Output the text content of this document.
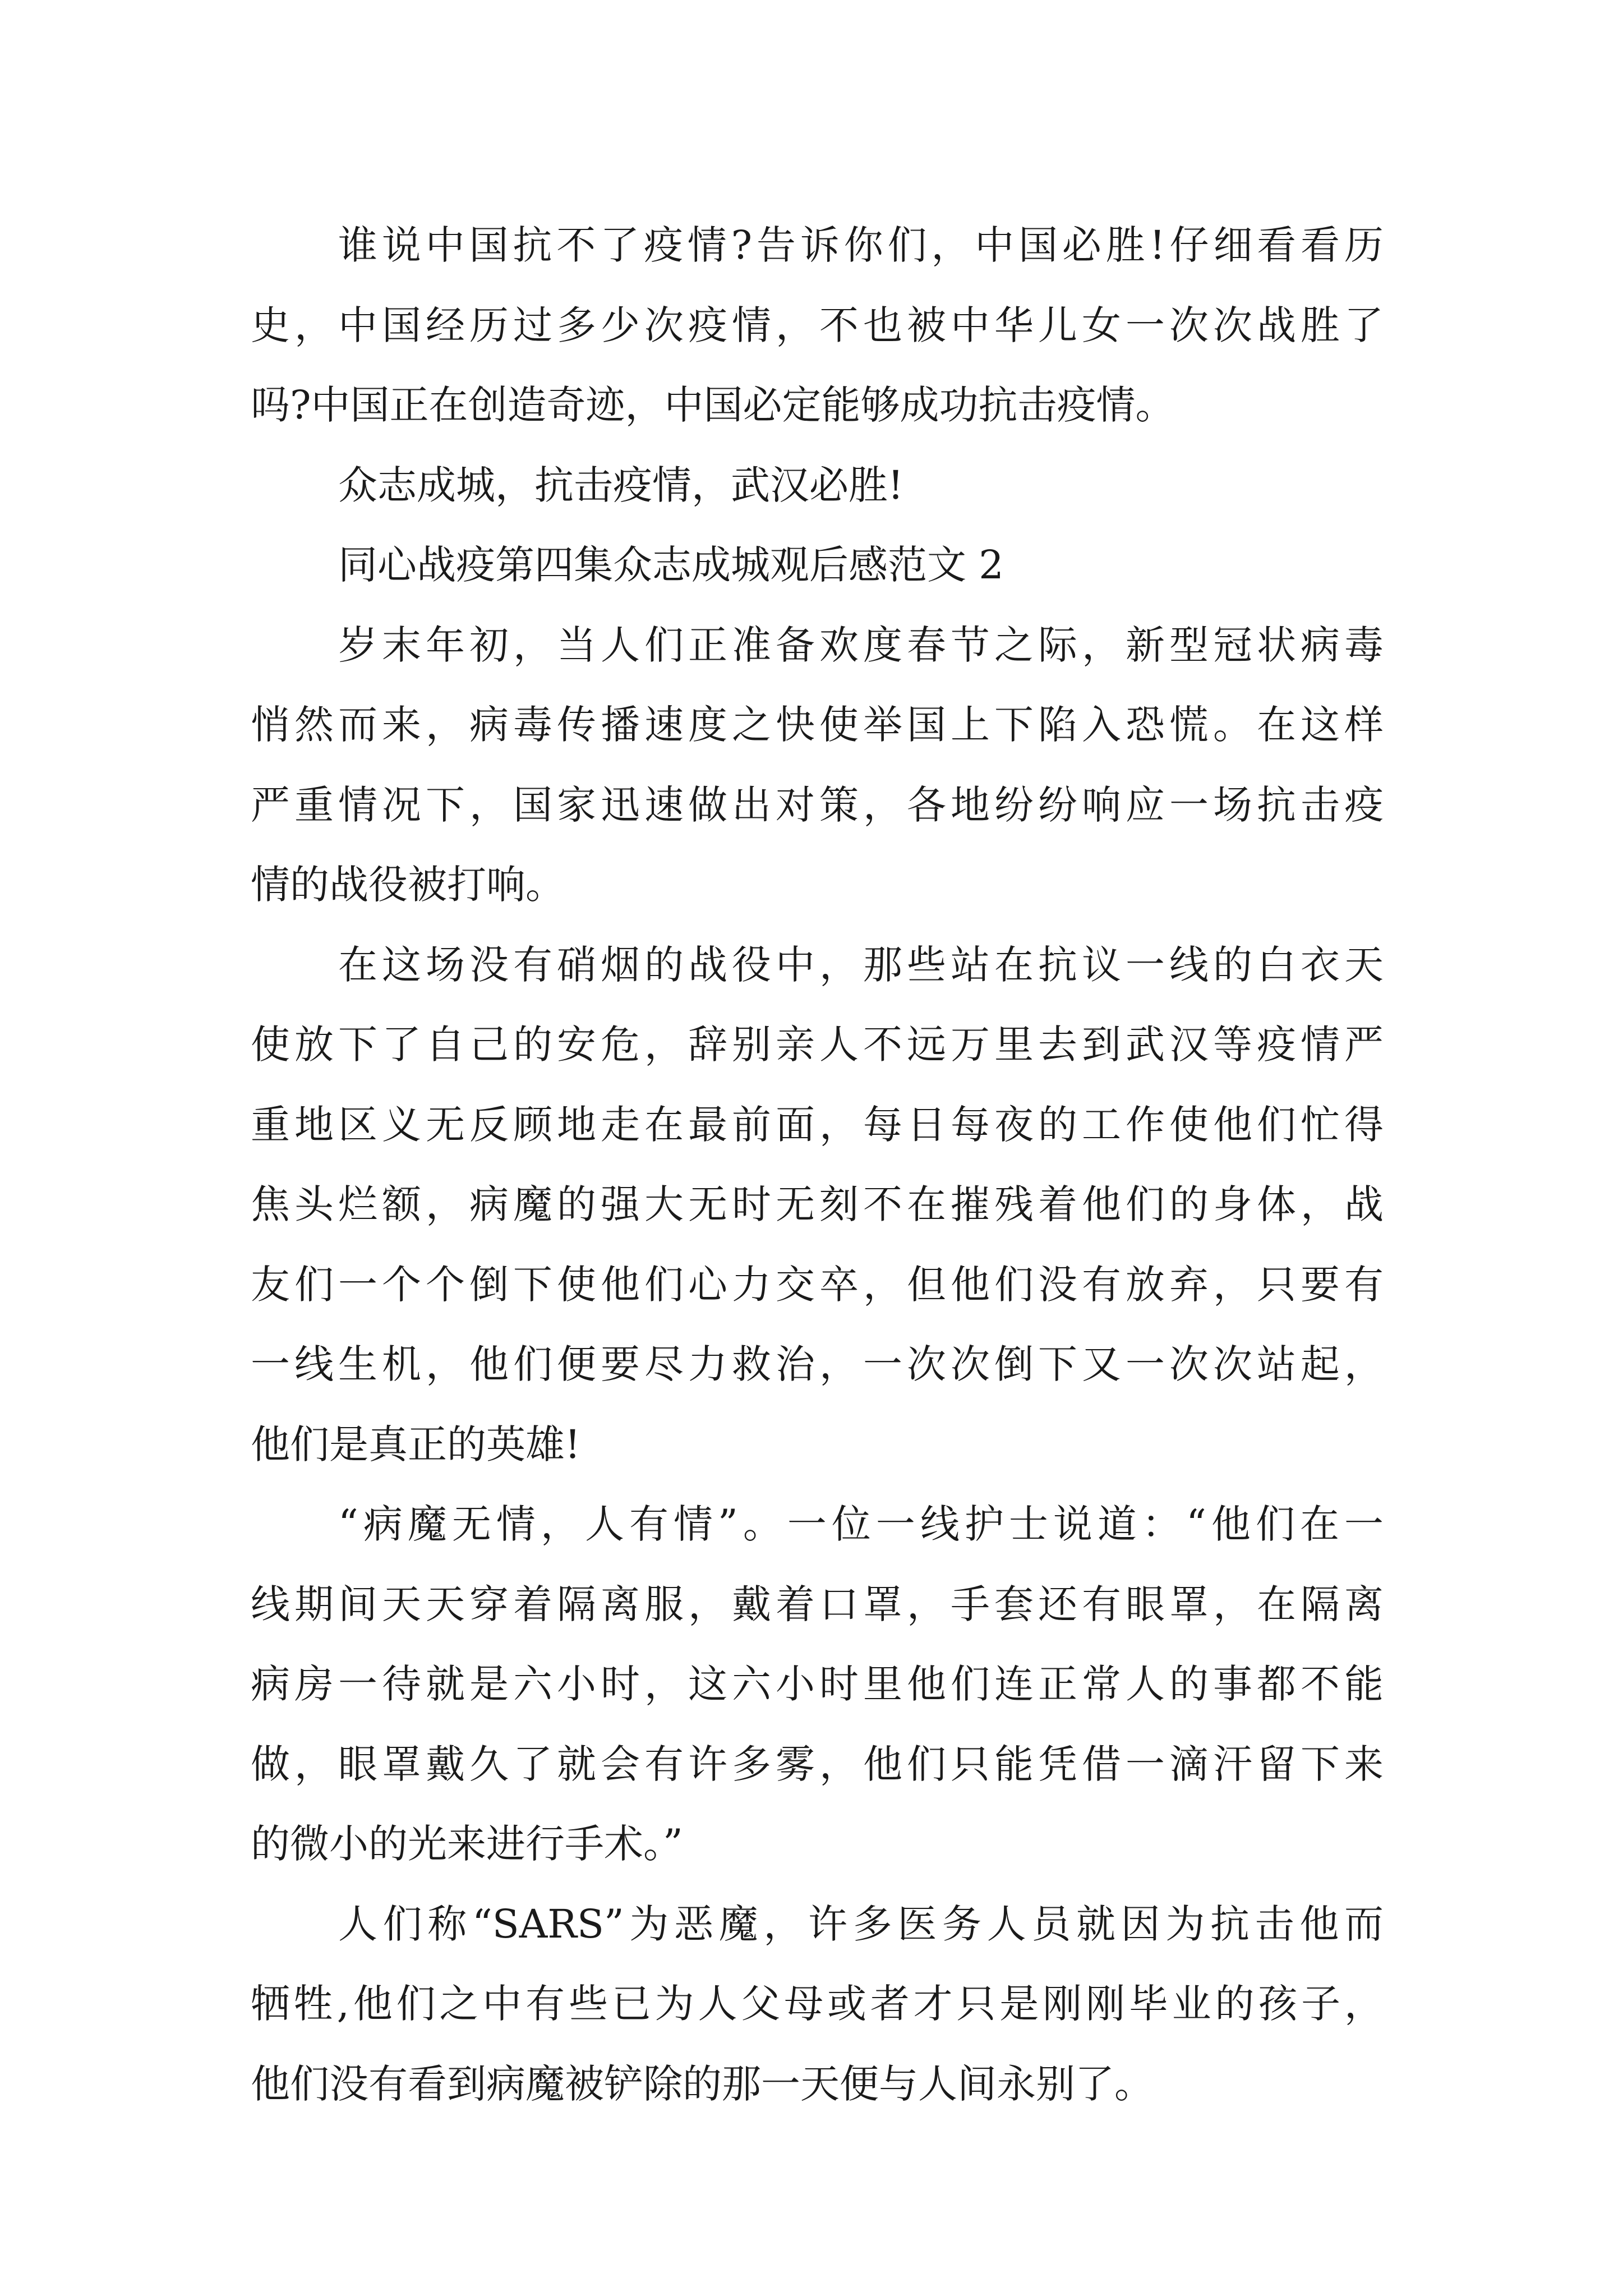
谁说中国抗不了疫情?告诉你们，中国必胜!仔细看看历
史，中国经历过多少次疫情，不也被中华儿女一次次战胜了
吗?中国正在创造奇迹，中国必定能够成功抗击疫情。
众志成城，抗击疫情，武汉必胜!
同心战疫第四集众志成城观后感范文 2
岁末年初，当人们正准备欢度春节之际，新型冠状病毒
悄然而来，病毒传播速度之快使举国上下陷入恐慌。在这样
严重情况下，国家迅速做出对策，各地纷纷响应一场抗击疫
情的战役被打响。
在这场没有硝烟的战役中，那些站在抗议一线的白衣天
使放下了自己的安危，辞别亲人不远万里去到武汉等疫情严
重地区义无反顾地走在最前面，每日每夜的工作使他们忙得
焦头烂额，病魔的强大无时无刻不在摧残着他们的身体，战
友们一个个倒下使他们心力交卒，但他们没有放弃，只要有
一线生机，他们便要尽力救治，一次次倒下又一次次站起，
他们是真正的英雄!
“病魔无情，人有情”。一位一线护士说道：“他们在一
线期间天天穿着隔离服，戴着口罩，手套还有眼罩，在隔离
病房一待就是六小时，这六小时里他们连正常人的事都不能
做，眼罩戴久了就会有许多雾，他们只能凭借一滴汗留下来
的微小的光来进行手术。”
人们称“SARS”为恶魔，许多医务人员就因为抗击他而
牺牲,他们之中有些已为人父母或者才只是刚刚毕业的孩子，
他们没有看到病魔被铲除的那一天便与人间永别了。
